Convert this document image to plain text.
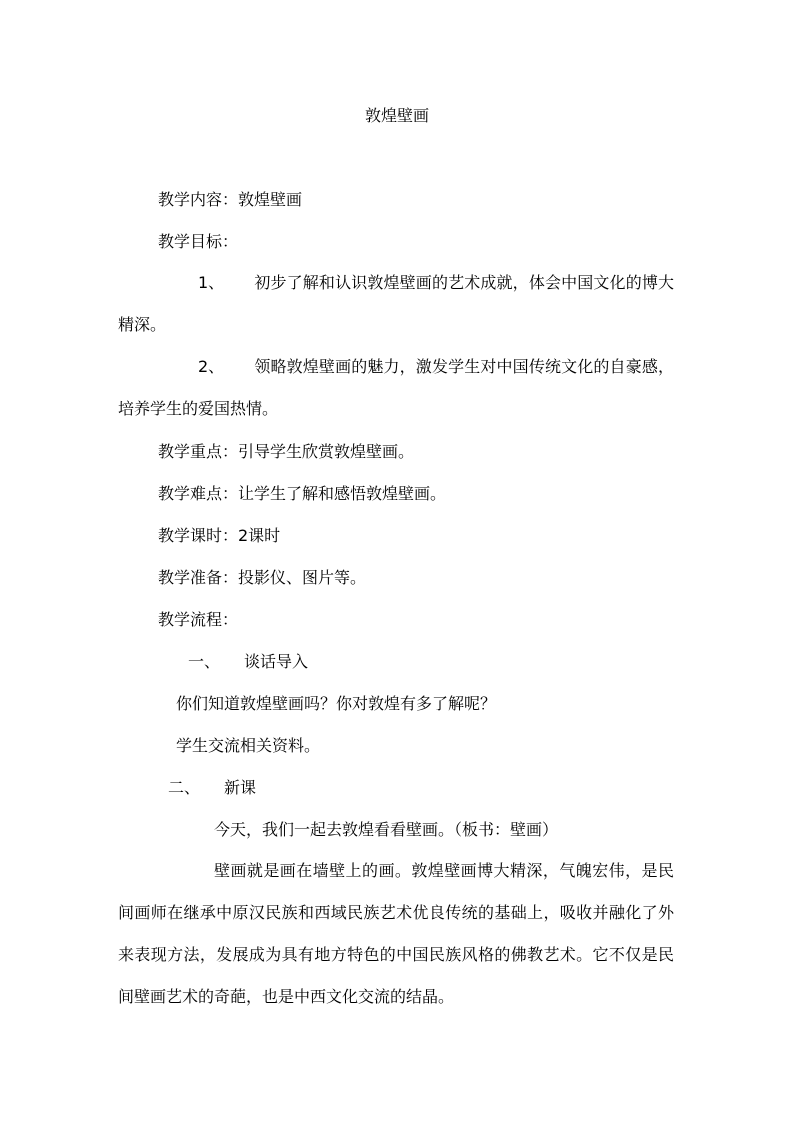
敦煌壁画
教学内容：敦煌壁画
教学目标：
1、 初步了解和认识敦煌壁画的艺术成就，体会中国文化的博大精深。
2、 领略敦煌壁画的魅力，激发学生对中国传统文化的自豪感，培养学生的爱国热情。
教学重点：引导学生欣赏敦煌壁画。
教学难点：让学生了解和感悟敦煌壁画。
教学课时：2课时
教学准备：投影仪、图片等。
教学流程：
一、 谈话导入
你们知道敦煌壁画吗？你对敦煌有多了解呢？
学生交流相关资料。
二、 新课
今天，我们一起去敦煌看看壁画。（板书：壁画）
壁画就是画在墙壁上的画。敦煌壁画博大精深，气魄宏伟，是民间画师在继承中原汉民族和西域民族艺术优良传统的基础上，吸收并融化了外来表现方法，发展成为具有地方特色的中国民族风格的佛教艺术。它不仅是民间壁画艺术的奇葩，也是中西文化交流的结晶。
